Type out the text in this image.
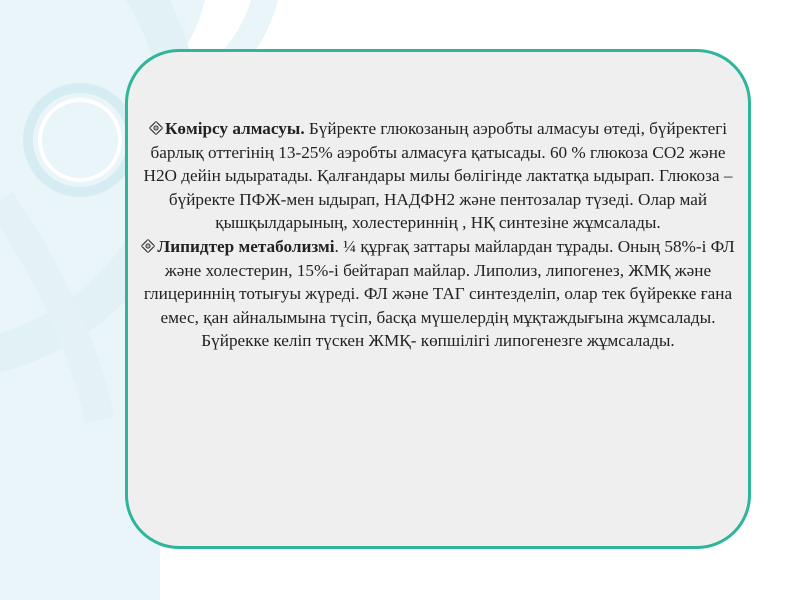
Көмірсу алмасуы. Бүйректе глюкозаның аэробты алмасуы өтеді, бүйректегі барлық оттегінің 13-25% аэробты алмасуға қатысады. 60 % глюкоза СО2 және Н2О дейін ыдыратады. Қалғандары милы бөлігінде лактатқа ыдырап. Глюкоза – бүйректе ПФЖ-мен ыдырап, НАДФН2 және пентозалар түзеді. Олар май қышқылдарының, холестериннің , НҚ синтезіне жұмсалады.

Липидтер метаболизмі. ¼ құрғақ заттары майлардан тұрады. Оның 58%-і ФЛ және холестерин, 15%-і бейтарап майлар. Липолиз, липогенез, ЖМҚ және глицериннің тотығуы жүреді. ФЛ және ТАГ синтезделіп, олар тек бүйрекке ғана емес, қан айналымына түсіп, басқа мүшелердің мұқтаждығына жұмсалады. Бүйрекке келіп түскен ЖМҚ- көпшілігі липогенезге жұмсалады.
